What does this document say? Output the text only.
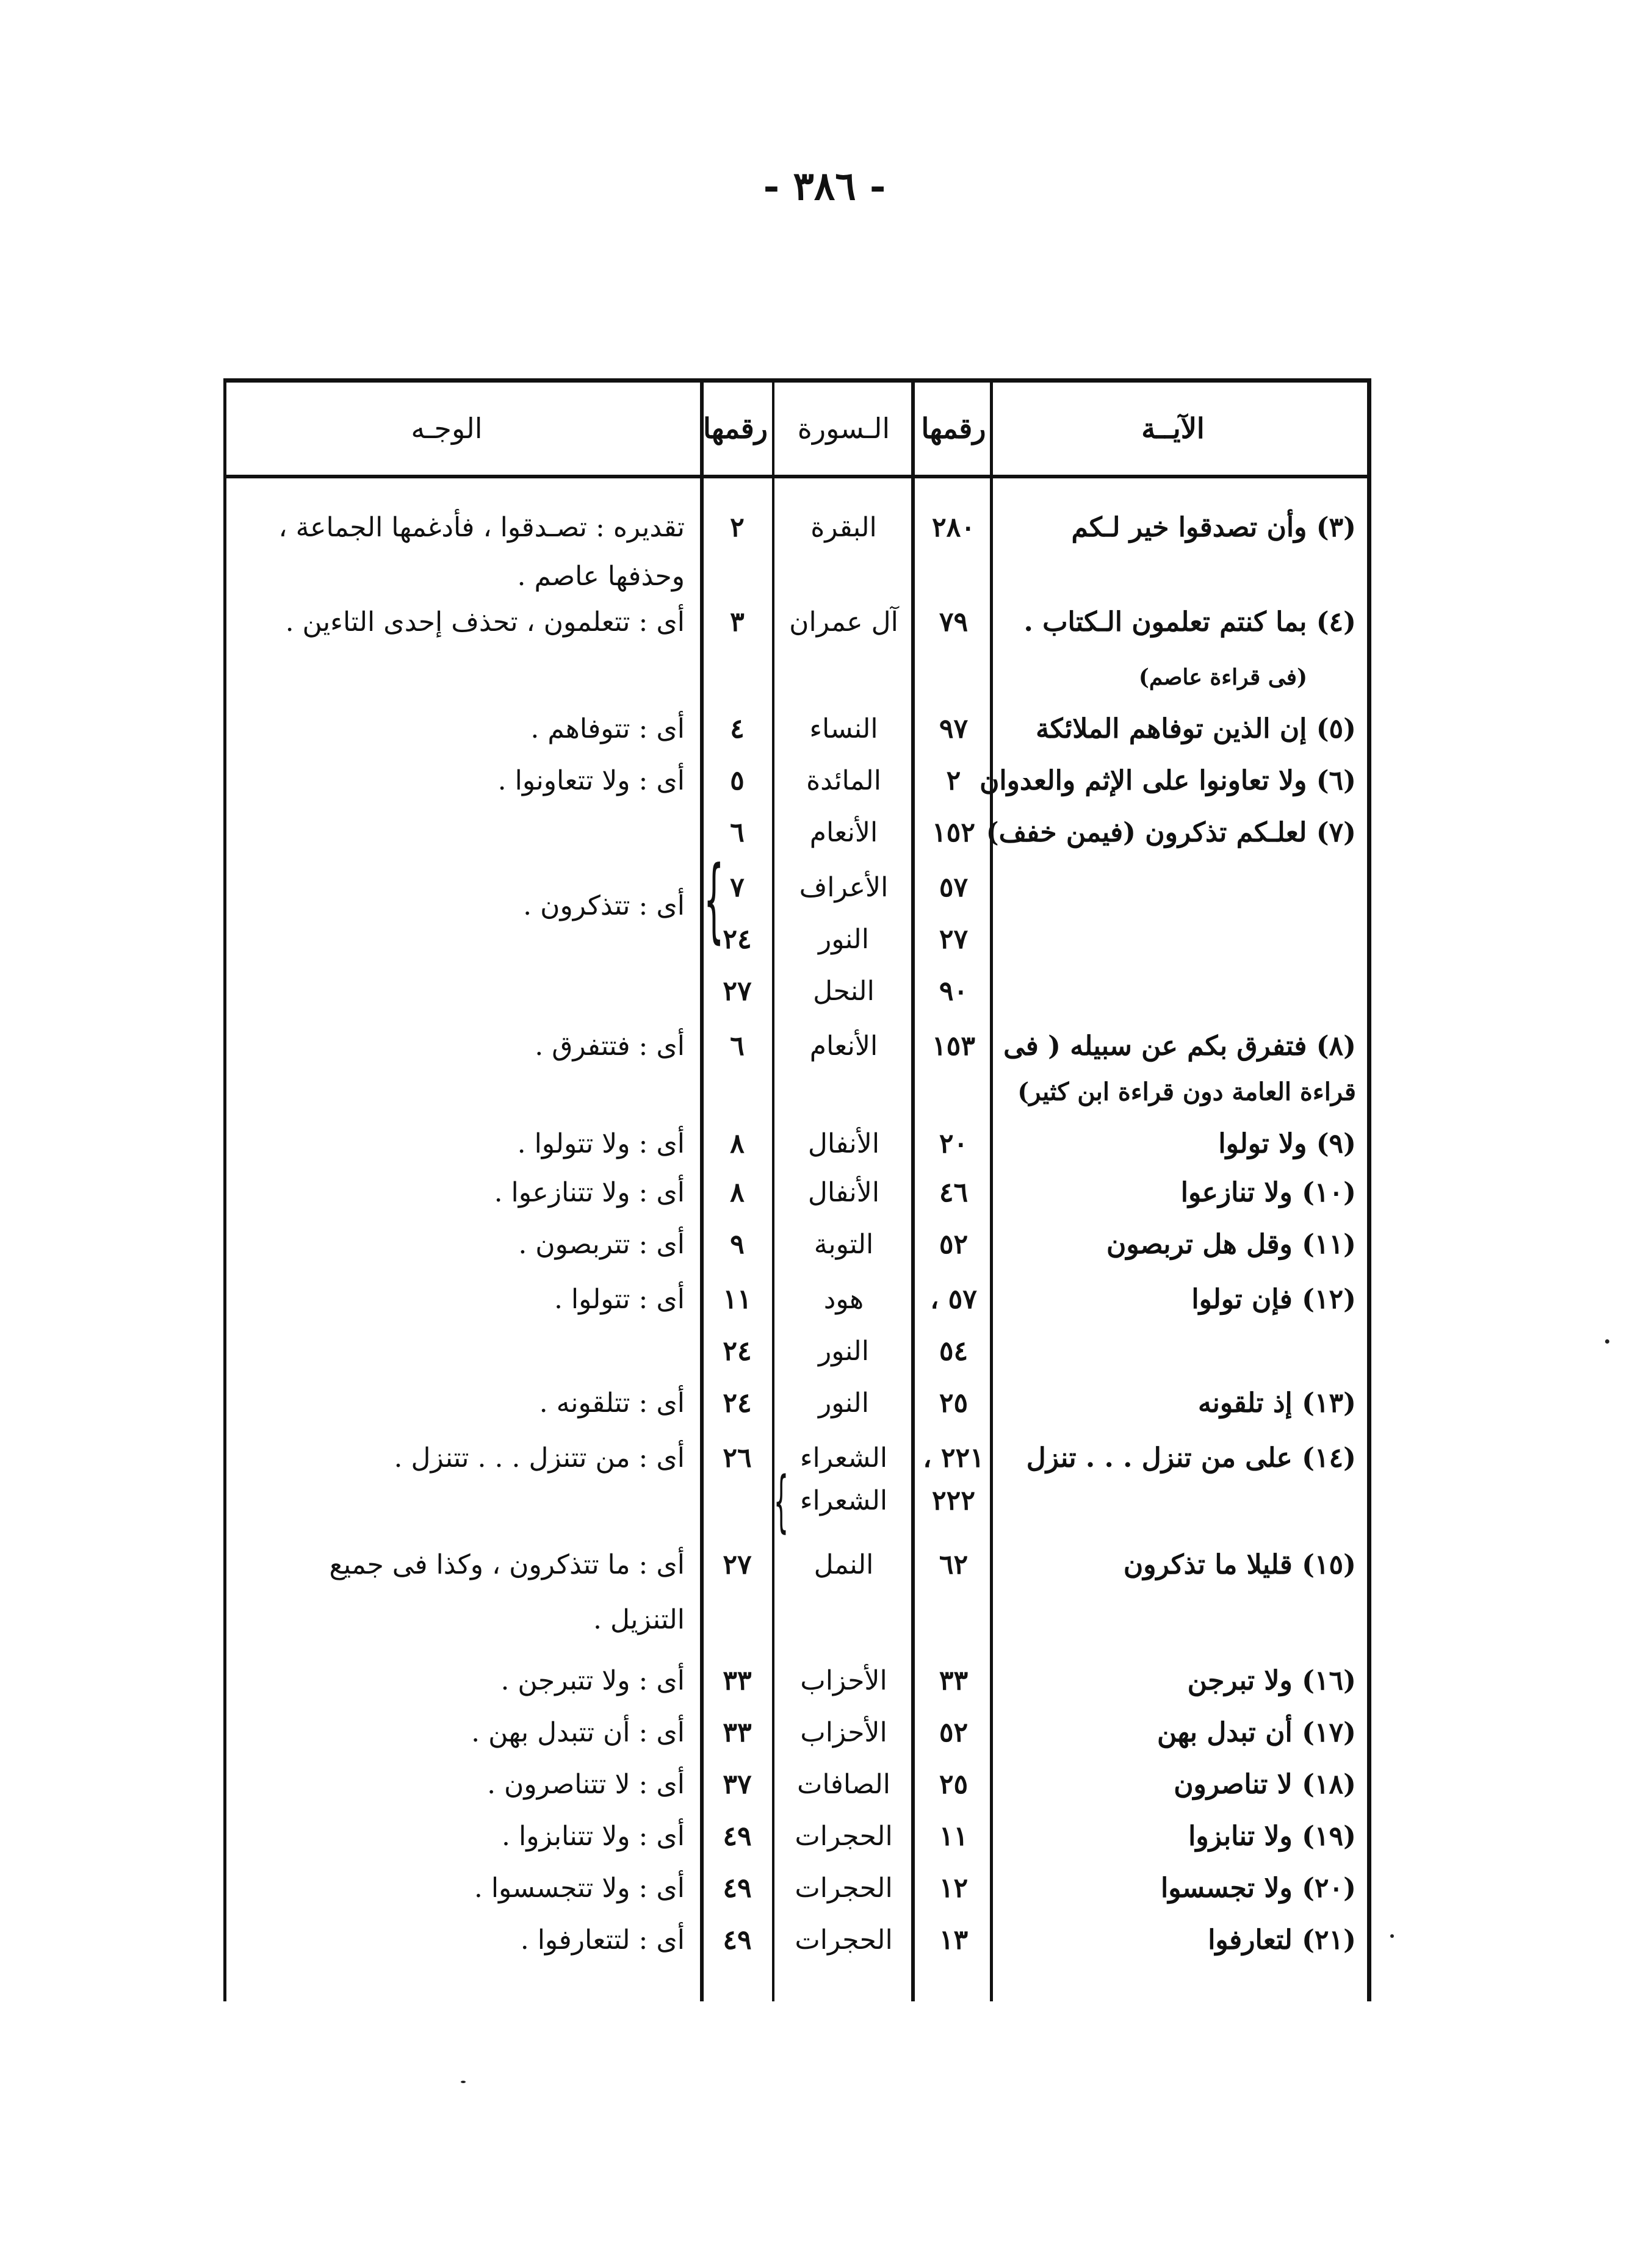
- ٣٨٦ -
الآيــة
رقمها
الـسورة
رقمها
الوجـه
(٣) وأن تصدقوا خير لـكم
٢٨٠
البقرة
٢
تقديره : تصـدقوا ، فأدغمها الجماعة ،
وحذفها عاصم .
(٤) بما كنتم تعلمون الـكتاب .
٧٩
آل عمران
٣
أى : تتعلمون ، تحذف إحدى التاءين .
(فى قراءة عاصم)
(٥) إن الذين توفاهم الملائكة
٩٧
النساء
٤
أى : تتوفاهم .
(٦) ولا تعاونوا على الإثم والعدوان
٢
المائدة
٥
أى : ولا تتعاونوا .
(٧) لعلـكم تذكرون (فيمن خفف)
١٥٢
الأنعام
٦
٥٧
الأعراف
٧
أى : تتذكرون .
٢٧
النور
٢٤
٩٠
النحل
٢٧
(٨) فتفرق بكم عن سبيله ( فى
١٥٣
الأنعام
٦
أى : فتتفرق .
قراءة العامة دون قراءة ابن كثير)
(٩) ولا تولوا
٢٠
الأنفال
٨
أى : ولا تتولوا .
(١٠) ولا تنازعوا
٤٦
الأنفال
٨
أى : ولا تتنازعوا .
(١١) وقل هل تربصون
٥٢
التوبة
٩
أى : تتربصون .
(١٢) فإن تولوا
٥٧ ،
هود
١١
أى : تتولوا .
٥٤
النور
٢٤
(١٣) إذ تلقونه
٢٥
النور
٢٤
أى : تتلقونه .
(١٤) على من تنزل . . . تنزل
٢٢١ ،
الشعراء
٢٦
أى : من تتنزل . . . تتنزل .
٢٢٢
الشعراء
(١٥) قليلا ما تذكرون
٦٢
النمل
٢٧
أى : ما تتذكرون ، وكذا فى جميع
التنزيل .
(١٦) ولا تبرجن
٣٣
الأحزاب
٣٣
أى : ولا تتبرجن .
(١٧) أن تبدل بهن
٥٢
الأحزاب
٣٣
أى : أن تتبدل بهن .
(١٨) لا تناصرون
٢٥
الصافات
٣٧
أى : لا تتناصرون .
(١٩) ولا تنابزوا
١١
الحجرات
٤٩
أى : ولا تتنابزوا .
(٢٠) ولا تجسسوا
١٢
الحجرات
٤٩
أى : ولا تتجسسوا .
(٢١) لتعارفوا
١٣
الحجرات
٤٩
أى : لتتعارفوا .
{
{
